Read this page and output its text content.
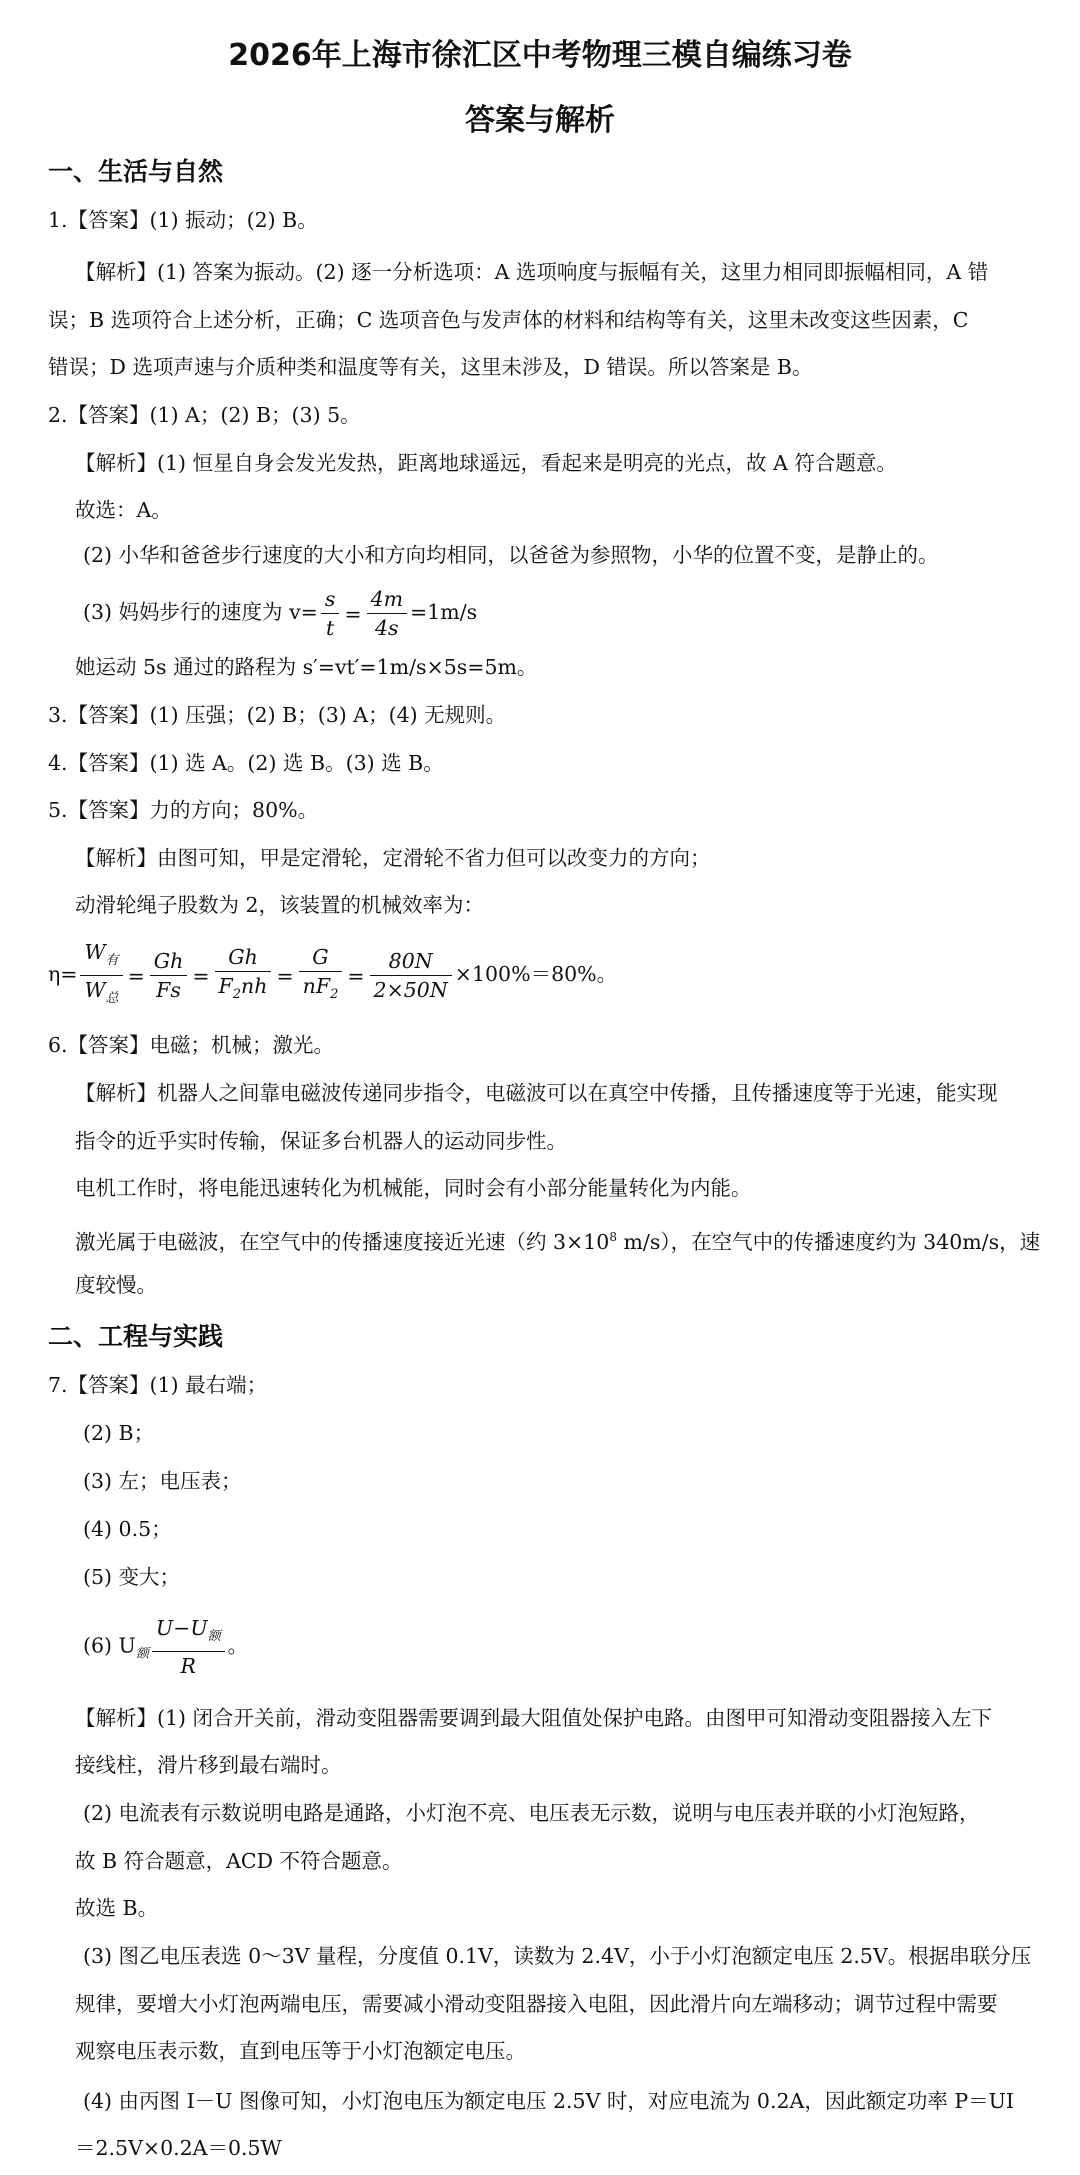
2026年上海市徐汇区中考物理三模自编练习卷
答案与解析
一、生活与自然
1.【答案】(1) 振动；(2) B。
【解析】(1) 答案为振动。(2) 逐一分析选项：A 选项响度与振幅有关，这里力相同即振幅相同，A 错
误；B 选项符合上述分析，正确；C 选项音色与发声体的材料和结构等有关，这里未改变这些因素，C
错误；D 选项声速与介质种类和温度等有关，这里未涉及，D 错误。所以答案是 B。
2.【答案】(1) A；(2) B；(3) 5。
【解析】(1) 恒星自身会发光发热，距离地球遥远，看起来是明亮的光点，故 A 符合题意。
故选：A。
(2) 小华和爸爸步行速度的大小和方向均相同，以爸爸为参照物，小华的位置不变，是静止的。
(3) 妈妈步行的速度为 $v= \frac{s}{t} = \frac{4m}{4s} =1m/s$
她运动 5s 通过的路程为 s′=vt′=1m/s×5s=5m。
3.【答案】(1) 压强；(2) B；(3) A；(4) 无规则。
4.【答案】(1) 选 A。(2) 选 B。(3) 选 B。
5.【答案】力的方向；80%。
【解析】由图可知，甲是定滑轮，定滑轮不省力但可以改变力的方向；
动滑轮绳子股数为 2，该装置的机械效率为：
$\eta= \frac{W_有}{W_总} = \frac{Gh}{Fs} = \frac{Gh}{F_2nh} = \frac{G}{nF_2} = \frac{80N}{2\times 50N} \times 100\%=80\%$。
6.【答案】电磁；机械；激光。
【解析】机器人之间靠电磁波传递同步指令，电磁波可以在真空中传播，且传播速度等于光速，能实现
指令的近乎实时传输，保证多台机器人的运动同步性。
电机工作时，将电能迅速转化为机械能，同时会有小部分能量转化为内能。
激光属于电磁波，在空气中的传播速度接近光速（约 $3\times 10^8$ m/s），在空气中的传播速度约为 340m/s，速
度较慢。
二、工程与实践
7.【答案】(1) 最右端；
(2) B；
(3) 左；电压表；
(4) 0.5；
(5) 变大；
(6) $U_额 \frac{U-U_额}{R}$ 。
【解析】(1) 闭合开关前，滑动变阻器需要调到最大阻值处保护电路。由图甲可知滑动变阻器接入左下
接线柱，滑片移到最右端时。
(2) 电流表有示数说明电路是通路，小灯泡不亮、电压表无示数，说明与电压表并联的小灯泡短路，
故 B 符合题意，ACD 不符合题意。
故选 B。
(3) 图乙电压表选 0～3V 量程，分度值 0.1V，读数为 2.4V，小于小灯泡额定电压 2.5V。根据串联分压
规律，要增大小灯泡两端电压，需要减小滑动变阻器接入电阻，因此滑片向左端移动；调节过程中需要
观察电压表示数，直到电压等于小灯泡额定电压。
(4) 由丙图 I－U 图像可知，小灯泡电压为额定电压 2.5V 时，对应电流为 0.2A，因此额定功率 P＝UI
＝2.5V×0.2A＝0.5W
